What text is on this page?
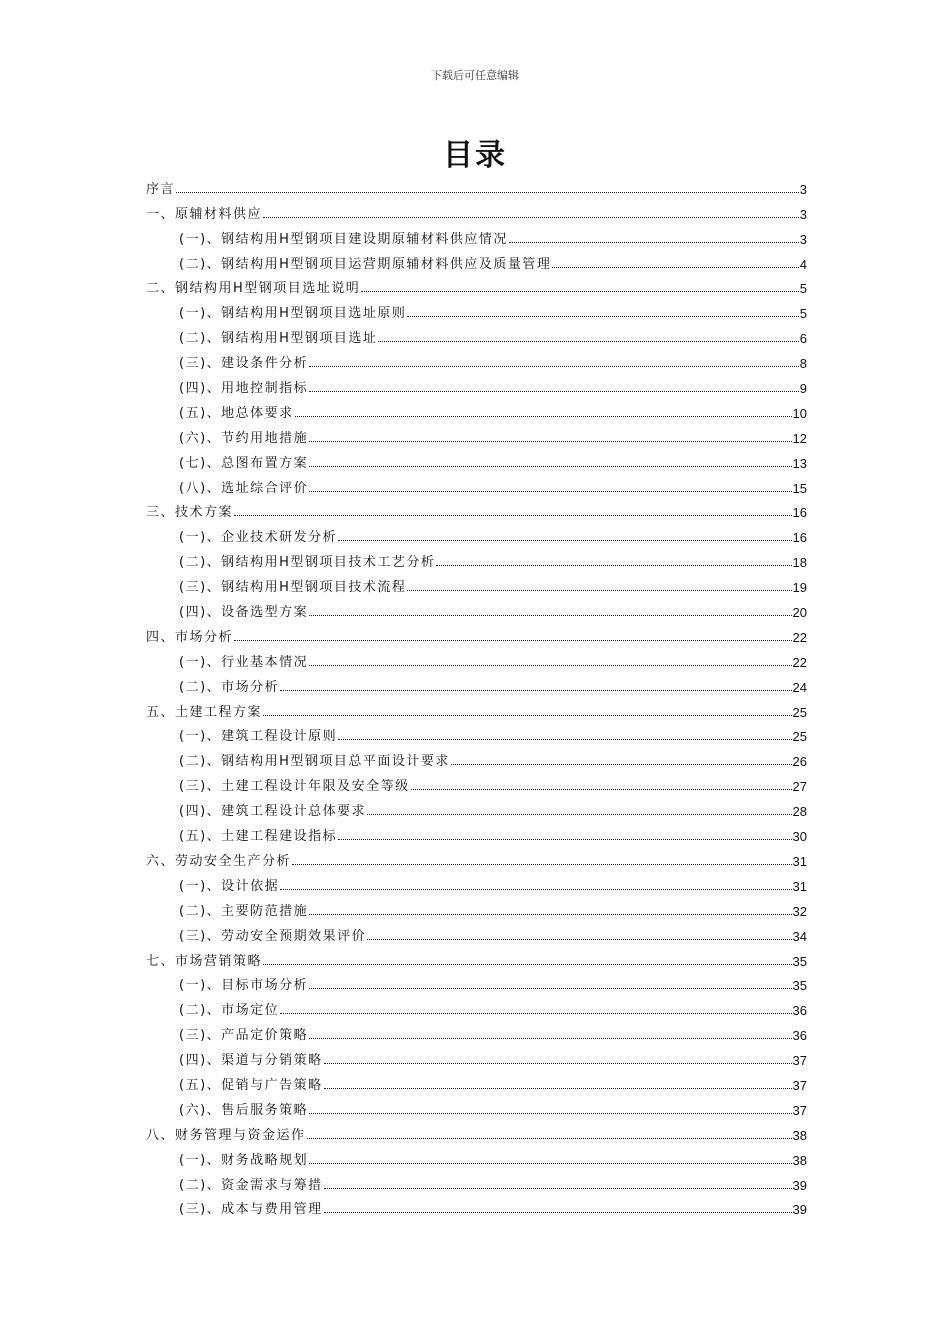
下载后可任意编辑
目录
序言	3
一、原辅材料供应	3
(一)、钢结构用H型钢项目建设期原辅材料供应情况	3
(二)、钢结构用H型钢项目运营期原辅材料供应及质量管理	4
二、钢结构用H型钢项目选址说明	5
(一)、钢结构用H型钢项目选址原则	5
(二)、钢结构用H型钢项目选址	6
(三)、建设条件分析	8
(四)、用地控制指标	9
(五)、地总体要求	10
(六)、节约用地措施	12
(七)、总图布置方案	13
(八)、选址综合评价	15
三、技术方案	16
(一)、企业技术研发分析	16
(二)、钢结构用H型钢项目技术工艺分析	18
(三)、钢结构用H型钢项目技术流程	19
(四)、设备选型方案	20
四、市场分析	22
(一)、行业基本情况	22
(二)、市场分析	24
五、土建工程方案	25
(一)、建筑工程设计原则	25
(二)、钢结构用H型钢项目总平面设计要求	26
(三)、土建工程设计年限及安全等级	27
(四)、建筑工程设计总体要求	28
(五)、土建工程建设指标	30
六、劳动安全生产分析	31
(一)、设计依据	31
(二)、主要防范措施	32
(三)、劳动安全预期效果评价	34
七、市场营销策略	35
(一)、目标市场分析	35
(二)、市场定位	36
(三)、产品定价策略	36
(四)、渠道与分销策略	37
(五)、促销与广告策略	37
(六)、售后服务策略	37
八、财务管理与资金运作	38
(一)、财务战略规划	38
(二)、资金需求与筹措	39
(三)、成本与费用管理	39
